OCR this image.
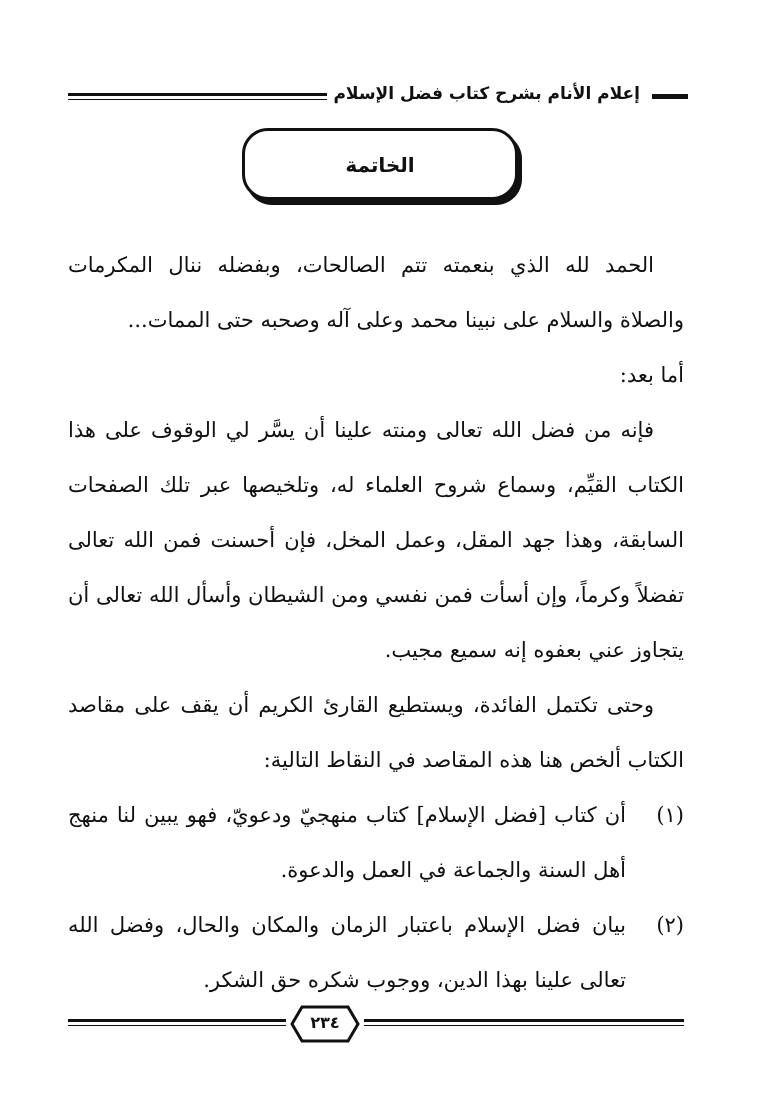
إعلام الأنام بشرح كتاب فضل الإسلام
الخاتمة

الحمد لله الذي بنعمته تتم الصالحات، وبفضله ننال المكرمات والصلاة والسلام على نبينا محمد وعلى آله وصحبه حتى الممات...

أما بعد:

فإنه من فضل الله تعالى ومنته علينا أن يسَّر لي الوقوف على هذا الكتاب القيِّم، وسماع شروح العلماء له، وتلخيصها عبر تلك الصفحات السابقة، وهذا جهد المقل، وعمل المخل، فإن أحسنت فمن الله تعالى تفضلاً وكرماً، وإن أسأت فمن نفسي ومن الشيطان وأسأل الله تعالى أن يتجاوز عني بعفوه إنه سميع مجيب.

وحتى تكتمل الفائدة، ويستطيع القارئ الكريم أن يقف على مقاصد الكتاب ألخص هنا هذه المقاصد في النقاط التالية:

(١)
أن كتاب [فضل الإسلام] كتاب منهجيّ ودعويّ، فهو يبين لنا منهج أهل السنة والجماعة في العمل والدعوة.
(٢)
بيان فضل الإسلام باعتبار الزمان والمكان والحال، وفضل الله تعالى علينا بهذا الدين، ووجوب شكره حق الشكر.
٢٣٤
